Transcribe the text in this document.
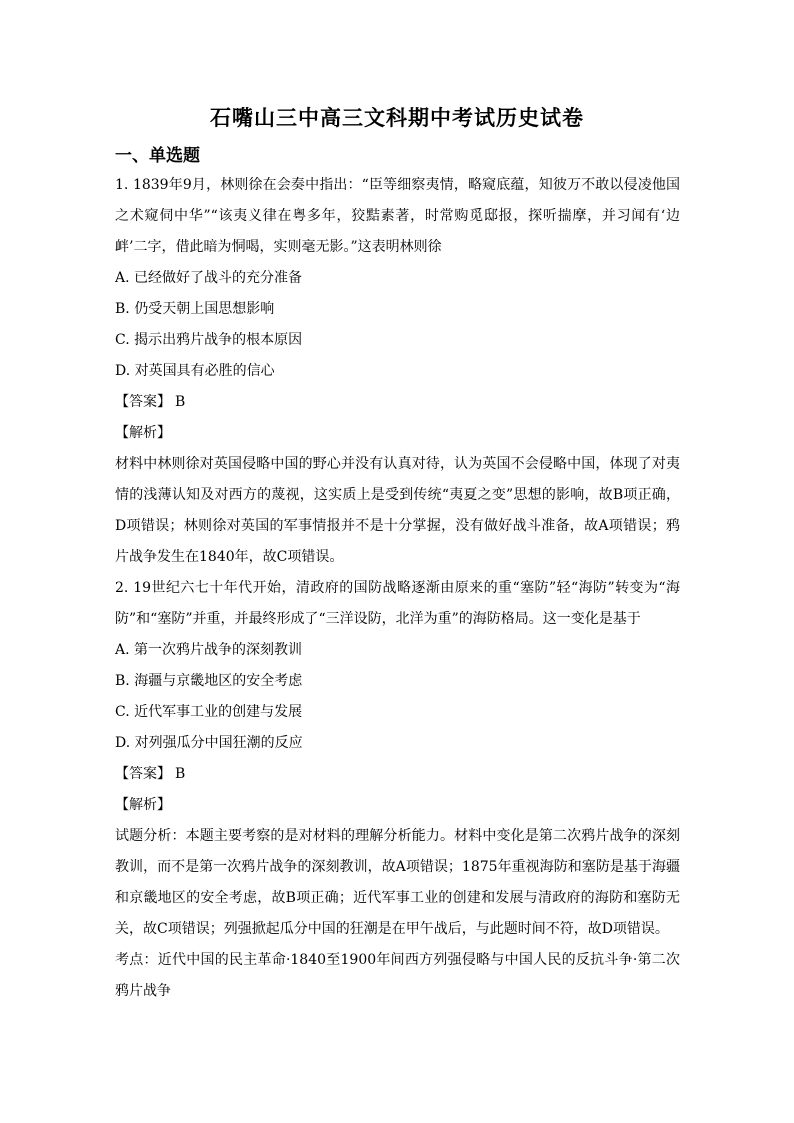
石嘴山三中高三文科期中考试历史试卷
一、单选题

1. 1839年9月，林则徐在会奏中指出：“臣等细察夷情，略窥底蕴，知彼万不敢以侵凌他国之术窥伺中华”“该夷义律在粤多年，狡黠素著，时常购觅邸报，探听揣摩，并习闻有‘边衅’二字，借此暗为恫喝，实则毫无影。”这表明林则徐

A. 已经做好了战斗的充分准备

B. 仍受天朝上国思想影响

C. 揭示出鸦片战争的根本原因

D. 对英国具有必胜的信心

【答案】 B

【解析】

材料中林则徐对英国侵略中国的野心并没有认真对待，认为英国不会侵略中国，体现了对夷情的浅薄认知及对西方的蔑视，这实质上是受到传统“夷夏之变”思想的影响，故B项正确，D项错误；林则徐对英国的军事情报并不是十分掌握，没有做好战斗准备，故A项错误；鸦片战争发生在1840年，故C项错误。

2. 19世纪六七十年代开始，清政府的国防战略逐渐由原来的重“塞防”轻“海防”转变为“海防”和“塞防”并重，并最终形成了“三洋设防，北洋为重”的海防格局。这一变化是基于

A. 第一次鸦片战争的深刻教训

B. 海疆与京畿地区的安全考虑

C. 近代军事工业的创建与发展

D. 对列强瓜分中国狂潮的反应

【答案】 B

【解析】

试题分析：本题主要考察的是对材料的理解分析能力。材料中变化是第二次鸦片战争的深刻教训，而不是第一次鸦片战争的深刻教训，故A项错误；1875年重视海防和塞防是基于海疆和京畿地区的安全考虑，故B项正确；近代军事工业的创建和发展与清政府的海防和塞防无关，故C项错误；列强掀起瓜分中国的狂潮是在甲午战后，与此题时间不符，故D项错误。

考点：近代中国的民主革命·1840至1900年间西方列强侵略与中国人民的反抗斗争·第二次鸦片战争
